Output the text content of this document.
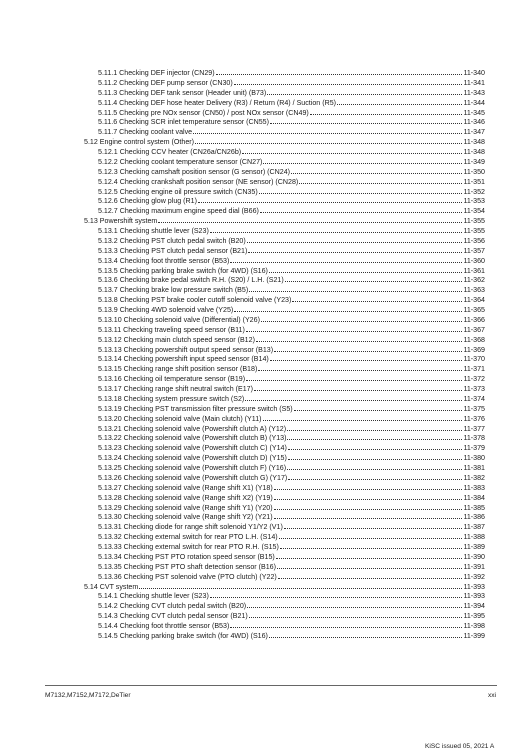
5.11.1 Checking DEF injector (CN29)	11-340
5.11.2 Checking DEF pump sensor (CN30)	11-341
5.11.3 Checking DEF tank sensor (Header unit) (B73)	11-343
5.11.4 Checking DEF hose heater Delivery (R3) / Return (R4) / Suction (R5)	11-344
5.11.5 Checking pre NOx sensor (CN50) / post NOx sensor (CN49)	11-345
5.11.6 Checking SCR inlet temperature sensor (CN55)	11-346
5.11.7 Checking coolant valve	11-347
5.12 Engine control system (Other)	11-348
5.12.1 Checking CCV heater (CN26a/CN26b)	11-348
5.12.2 Checking coolant temperature sensor (CN27)	11-349
5.12.3 Checking camshaft position sensor (G sensor) (CN24)	11-350
5.12.4 Checking crankshaft position sensor (NE sensor) (CN28)	11-351
5.12.5 Checking engine oil pressure switch (CN35)	11-352
5.12.6 Checking glow plug (R1)	11-353
5.12.7 Checking maximum engine speed dial (B66)	11-354
5.13 Powershift system	11-355
5.13.1 Checking shuttle lever (S23)	11-355
5.13.2 Checking PST clutch pedal switch (B20)	11-356
5.13.3 Checking PST clutch pedal sensor (B21)	11-357
5.13.4 Checking foot throttle sensor (B53)	11-360
5.13.5 Checking parking brake switch (for 4WD) (S16)	11-361
5.13.6 Checking brake pedal switch R.H. (S20) / L.H. (S21)	11-362
5.13.7 Checking brake low pressure switch (B5)	11-363
5.13.8 Checking PST brake cooler cutoff solenoid valve (Y23)	11-364
5.13.9 Checking 4WD solenoid valve (Y25)	11-365
5.13.10 Checking solenoid valve (Differential) (Y26)	11-366
5.13.11 Checking traveling speed sensor (B11)	11-367
5.13.12 Checking main clutch speed sensor (B12)	11-368
5.13.13 Checking powershift output speed sensor (B13)	11-369
5.13.14 Checking powershift input speed sensor (B14)	11-370
5.13.15 Checking range shift position sensor (B18)	11-371
5.13.16 Checking oil temperature sensor (B19)	11-372
5.13.17 Checking range shift neutral switch (E17)	11-373
5.13.18 Checking system pressure switch (S2)	11-374
5.13.19 Checking PST transmission filter pressure switch (S5)	11-375
5.13.20 Checking solenoid valve (Main clutch) (Y11)	11-376
5.13.21 Checking solenoid valve (Powershift clutch A) (Y12)	11-377
5.13.22 Checking solenoid valve (Powershift clutch B) (Y13)	11-378
5.13.23 Checking solenoid valve (Powershift clutch C) (Y14)	11-379
5.13.24 Checking solenoid valve (Powershift clutch D) (Y15)	11-380
5.13.25 Checking solenoid valve (Powershift clutch F) (Y16)	11-381
5.13.26 Checking solenoid valve (Powershift clutch G) (Y17)	11-382
5.13.27 Checking solenoid valve (Range shift X1) (Y18)	11-383
5.13.28 Checking solenoid valve (Range shift X2) (Y19)	11-384
5.13.29 Checking solenoid valve (Range shift Y1) (Y20)	11-385
5.13.30 Checking solenoid valve (Range shift Y2) (Y21)	11-386
5.13.31 Checking diode for range shift solenoid Y1/Y2 (V1)	11-387
5.13.32 Checking external switch for rear PTO L.H. (S14)	11-388
5.13.33 Checking external switch for rear PTO R.H. (S15)	11-389
5.13.34 Checking PST PTO rotation speed sensor (B15)	11-390
5.13.35 Checking PST PTO shaft detection sensor (B16)	11-391
5.13.36 Checking PST solenoid valve (PTO clutch) (Y22)	11-392
5.14 CVT system	11-393
5.14.1 Checking shuttle lever (S23)	11-393
5.14.2 Checking CVT clutch pedal switch (B20)	11-394
5.14.3 Checking CVT clutch pedal sensor (B21)	11-395
5.14.4 Checking foot throttle sensor (B53)	11-398
5.14.5 Checking parking brake switch (for 4WD) (S16)	11-399
M7132,M7152,M7172,DeTier	xxi
KiSC issued 05, 2021 A
